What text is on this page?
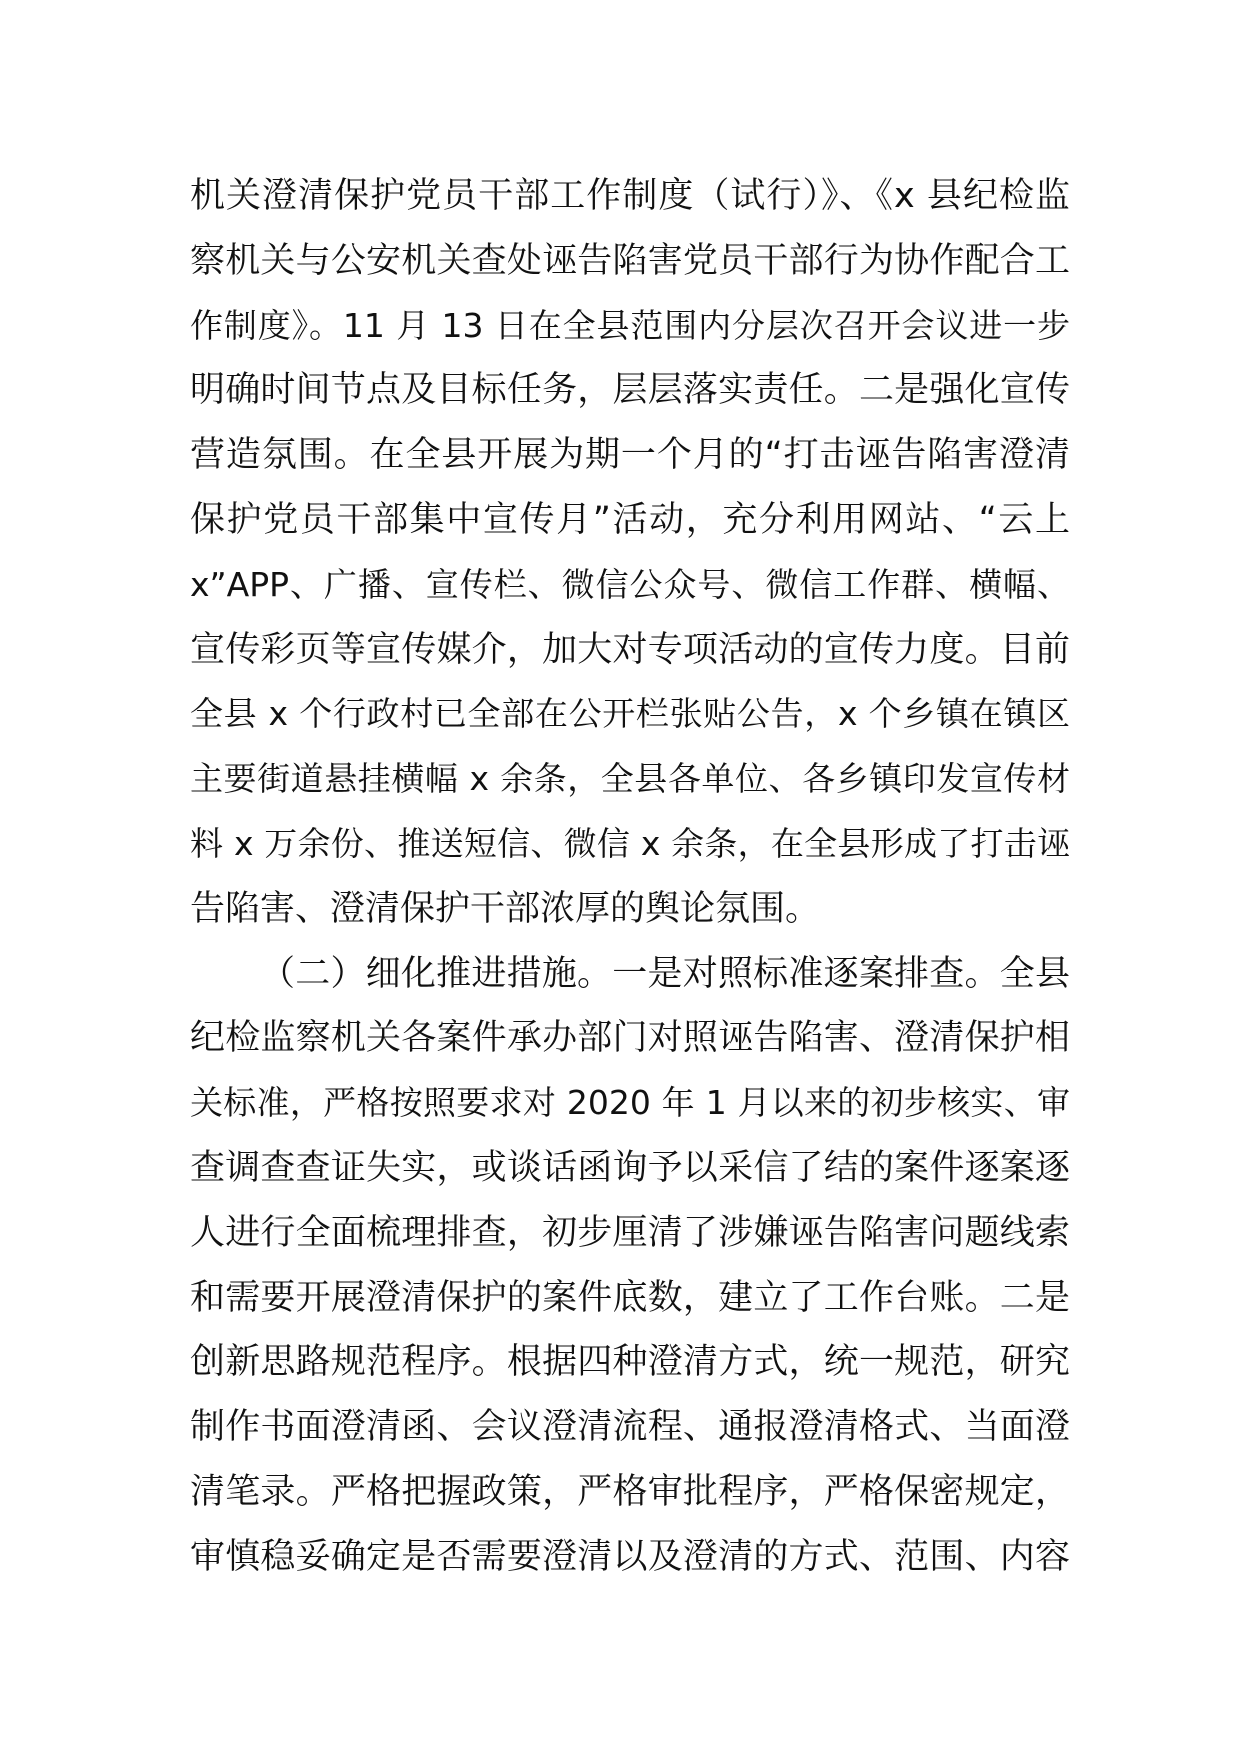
机关澄清保护党员干部工作制度（试行）》、《x 县纪检监
察机关与公安机关查处诬告陷害党员干部行为协作配合工
作制度》。11 月 13 日在全县范围内分层次召开会议进一步
明确时间节点及目标任务，层层落实责任。二是强化宣传
营造氛围。在全县开展为期一个月的“打击诬告陷害澄清
保护党员干部集中宣传月”活动，充分利用网站、“云上
x”APP、广播、宣传栏、微信公众号、微信工作群、横幅、
宣传彩页等宣传媒介，加大对专项活动的宣传力度。目前
全县 x 个行政村已全部在公开栏张贴公告，x 个乡镇在镇区
主要街道悬挂横幅 x 余条，全县各单位、各乡镇印发宣传材
料 x 万余份、推送短信、微信 x 余条，在全县形成了打击诬
告陷害、澄清保护干部浓厚的舆论氛围。
（二）细化推进措施。一是对照标准逐案排查。全县
纪检监察机关各案件承办部门对照诬告陷害、澄清保护相
关标准，严格按照要求对 2020 年 1 月以来的初步核实、审
查调查查证失实，或谈话函询予以采信了结的案件逐案逐
人进行全面梳理排查，初步厘清了涉嫌诬告陷害问题线索
和需要开展澄清保护的案件底数，建立了工作台账。二是
创新思路规范程序。根据四种澄清方式，统一规范，研究
制作书面澄清函、会议澄清流程、通报澄清格式、当面澄
清笔录。严格把握政策，严格审批程序，严格保密规定，
审慎稳妥确定是否需要澄清以及澄清的方式、范围、内容
